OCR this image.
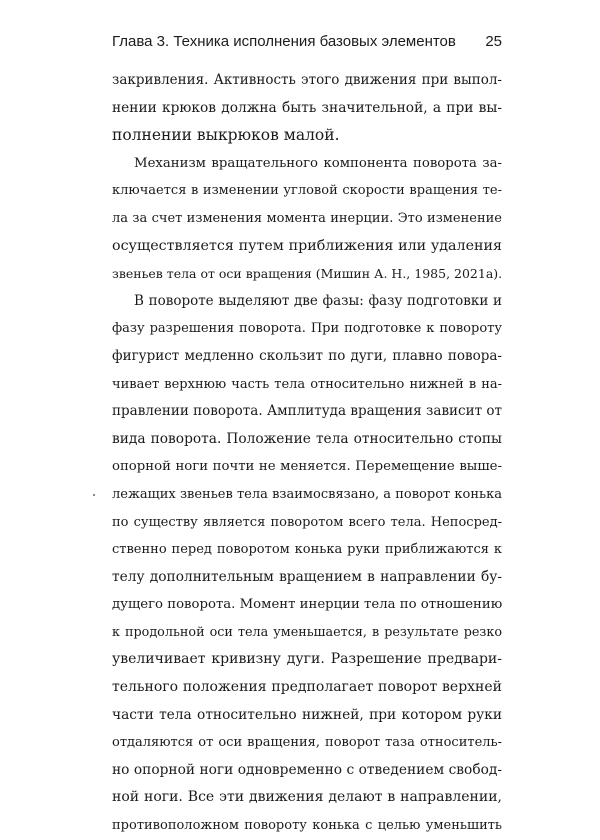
Глава 3. Техника исполнения базовых элементов 25
закривления. Активность этого движения при выпол-
нении крюков должна быть значительной, а при вы-
полнении выкрюков малой.
Механизм вращательного компонента поворота за-
ключается в изменении угловой скорости вращения те-
ла за счет изменения момента инерции. Это изменение
осуществляется путем приближения или удаления
звеньев тела от оси вращения (Мишин А. Н., 1985, 2021а).
В повороте выделяют две фазы: фазу подготовки и
фазу разрешения поворота. При подготовке к повороту
фигурист медленно скользит по дуги, плавно повора-
чивает верхнюю часть тела относительно нижней в на-
правлении поворота. Амплитуда вращения зависит от
вида поворота. Положение тела относительно стопы
опорной ноги почти не меняется. Перемещение выше-
лежащих звеньев тела взаимосвязано, а поворот конька
по существу является поворотом всего тела. Непосред-
ственно перед поворотом конька руки приближаются к
телу дополнительным вращением в направлении бу-
дущего поворота. Момент инерции тела по отношению
к продольной оси тела уменьшается, в результате резко
увеличивает кривизну дуги. Разрешение предвари-
тельного положения предполагает поворот верхней
части тела относительно нижней, при котором руки
отдаляются от оси вращения, поворот таза относитель-
но опорной ноги одновременно с отведением свобод-
ной ноги. Все эти движения делают в направлении,
противоположном повороту конька с целью уменьшить
